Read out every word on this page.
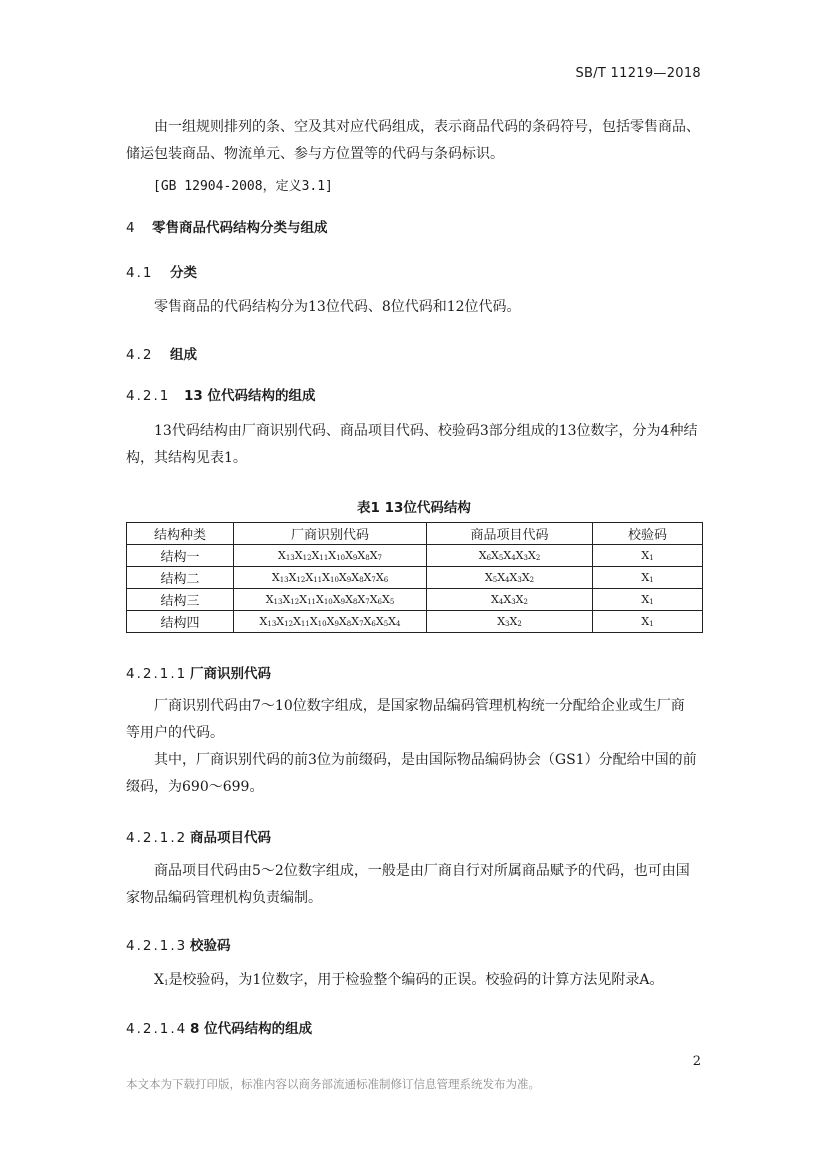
SB/T 11219—2018
由一组规则排列的条、空及其对应代码组成，表示商品代码的条码符号，包括零售商品、
储运包装商品、物流单元、参与方位置等的代码与条码标识。
[GB 12904-2008，定义3.1]
4 零售商品代码结构分类与组成
4.1 分类
零售商品的代码结构分为13位代码、8位代码和12位代码。
4.2 组成
4.2.1 13 位代码结构的组成
13代码结构由厂商识别代码、商品项目代码、校验码3部分组成的13位数字，分为4种结
构，其结构见表1。
表1 13位代码结构
结构种类	厂商识别代码	商品项目代码	校验码
结构一	$X_{13}X_{12}X_{11}X_{10}X_9X_8X_7$	$X_6X_5X_4X_3X_2$	$X_1$
结构二	$X_{13}X_{12}X_{11}X_{10}X_9X_8X_7X_6$	$X_5X_4X_3X_2$	$X_1$
结构三	$X_{13}X_{12}X_{11}X_{10}X_9X_8X_7X_6X_5$	$X_4X_3X_2$	$X_1$
结构四	$X_{13}X_{12}X_{11}X_{10}X_9X_8X_7X_6X_5X_4$	$X_3X_2$	$X_1$
4.2.1.1 厂商识别代码
厂商识别代码由7～10位数字组成，是国家物品编码管理机构统一分配给企业或生厂商
等用户的代码。
其中，厂商识别代码的前3位为前缀码，是由国际物品编码协会（GS1）分配给中国的前
缀码，为690～699。
4.2.1.2 商品项目代码
商品项目代码由5～2位数字组成，一般是由厂商自行对所属商品赋予的代码，也可由国
家物品编码管理机构负责编制。
4.2.1.3 校验码
$X_1$是校验码，为1位数字，用于检验整个编码的正误。校验码的计算方法见附录A。
4.2.1.4 8 位代码结构的组成
2
本文本为下载打印版，标准内容以商务部流通标准制修订信息管理系统发布为准。
